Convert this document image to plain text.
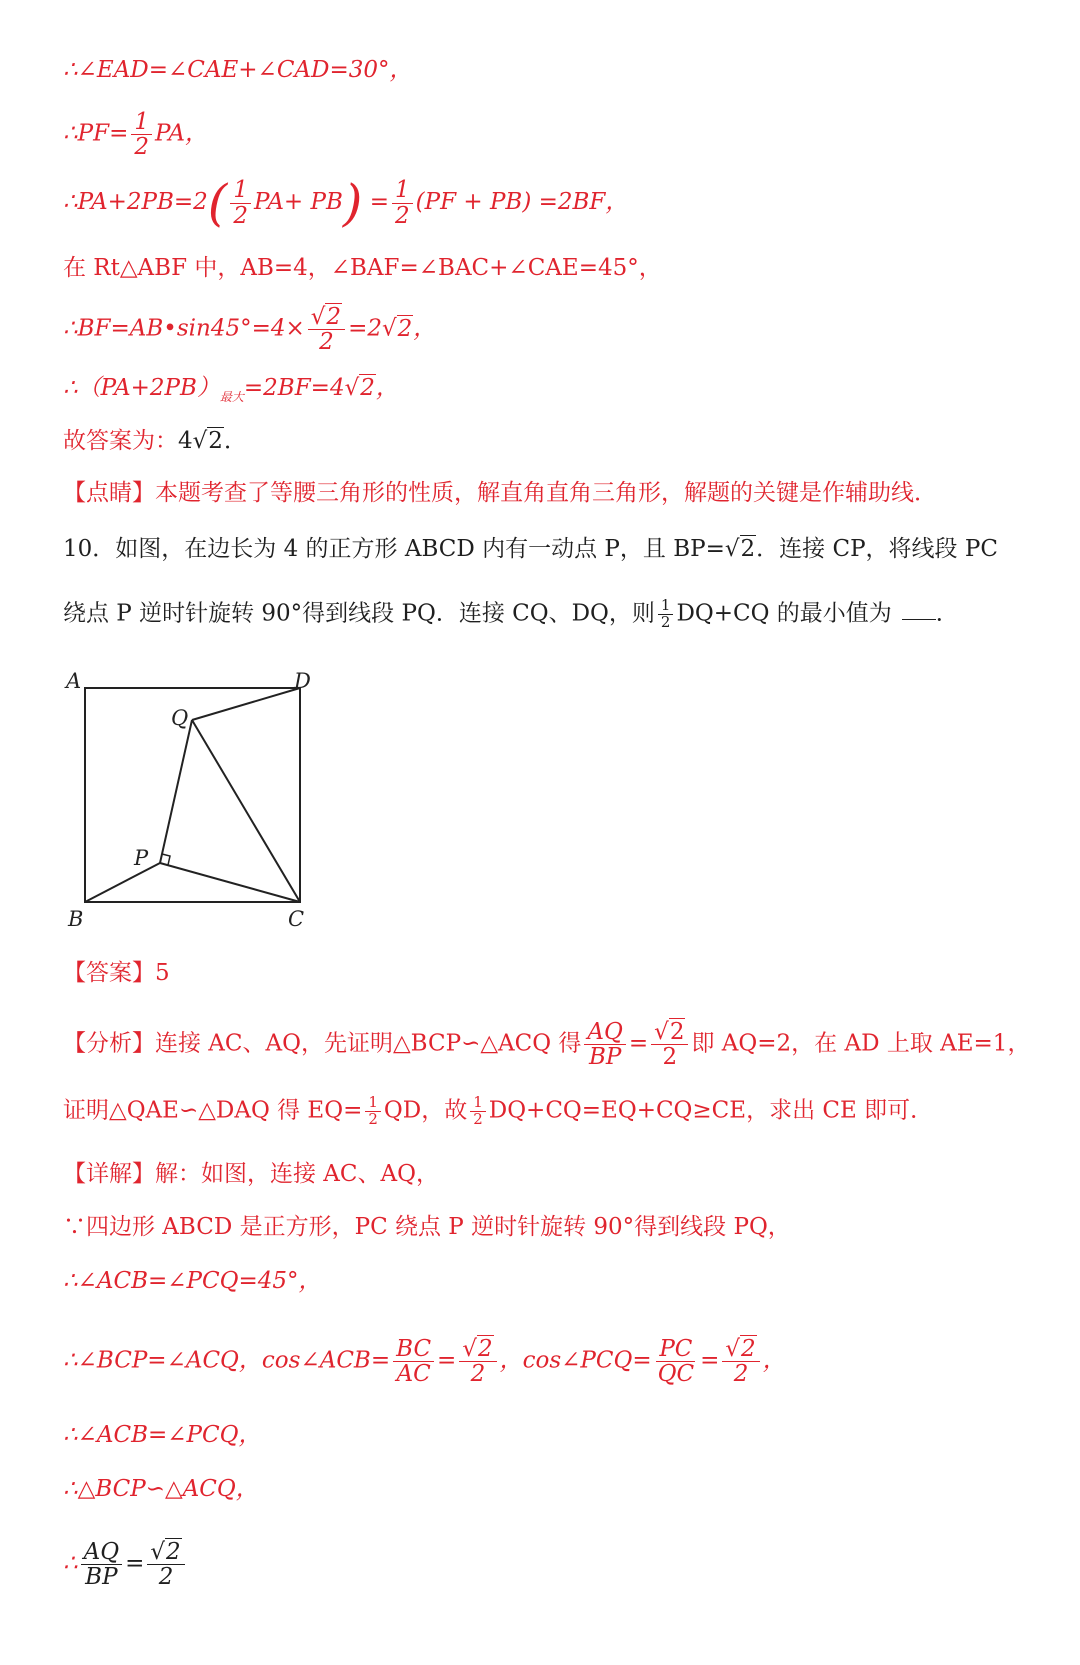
∴∠EAD=∠CAE+∠CAD=30°，
∴PF= $\frac{1}{2}$ PA，
∴PA+2PB=2( $\frac{1}{2} PA+ PB) = \frac{1}{2} (PF + PB) =2BF$，
在 Rt△ABF 中，AB=4，∠BAF=∠BAC+∠CAE=45°，
∴BF=AB•sin45°=4× $\frac{√2}{2} =2√2$，
$\therefore(PA+2PB)_{最大}=2BF=4√2$，
故答案为：4√2．
【点睛】本题考查了等腰三角形的性质，解直角直角三角形，解题的关键是作辅助线．
10．如图，在边长为 4 的正方形 ABCD 内有一动点 P，且 BP=√2．连接 CP，将线段 PC
绕点 P 逆时针旋转 90°得到线段 PQ．连接 CQ、DQ，则 $\frac{1}{2} DQ+CQ$ 的最小值为 ．
A	D
Q
P
B	C
【答案】5
【分析】连接 AC、AQ，先证明△BCP∽△ACQ 得 $\frac{AQ}{BP} = \frac{√2}{2}$ 即 AQ=2，在 AD 上取 AE=1，
证明△QAE∽△DAQ 得 $EQ= \frac{1}{2}$ QD，故 $\frac{1}{2} DQ+CQ=EQ+CQ\ge CE$，求出 CE 即可．
【详解】解：如图，连接 AC、AQ，
∵四边形 ABCD 是正方形，PC 绕点 P 逆时针旋转 90°得到线段 PQ，
∴∠ACB=∠PCQ=45°，
∴∠BCP=∠ACQ，cos∠ACB= $\frac{BC}{AC} = \frac{√2}{2}$ ，cos∠PCQ= $\frac{PC}{QC} = \frac{√2}{2}$ ，
∴∠ACB=∠PCQ，
∴△BCP∽△ACQ，
∴ $\frac{AQ}{BP} = \frac{√2}{2}$
